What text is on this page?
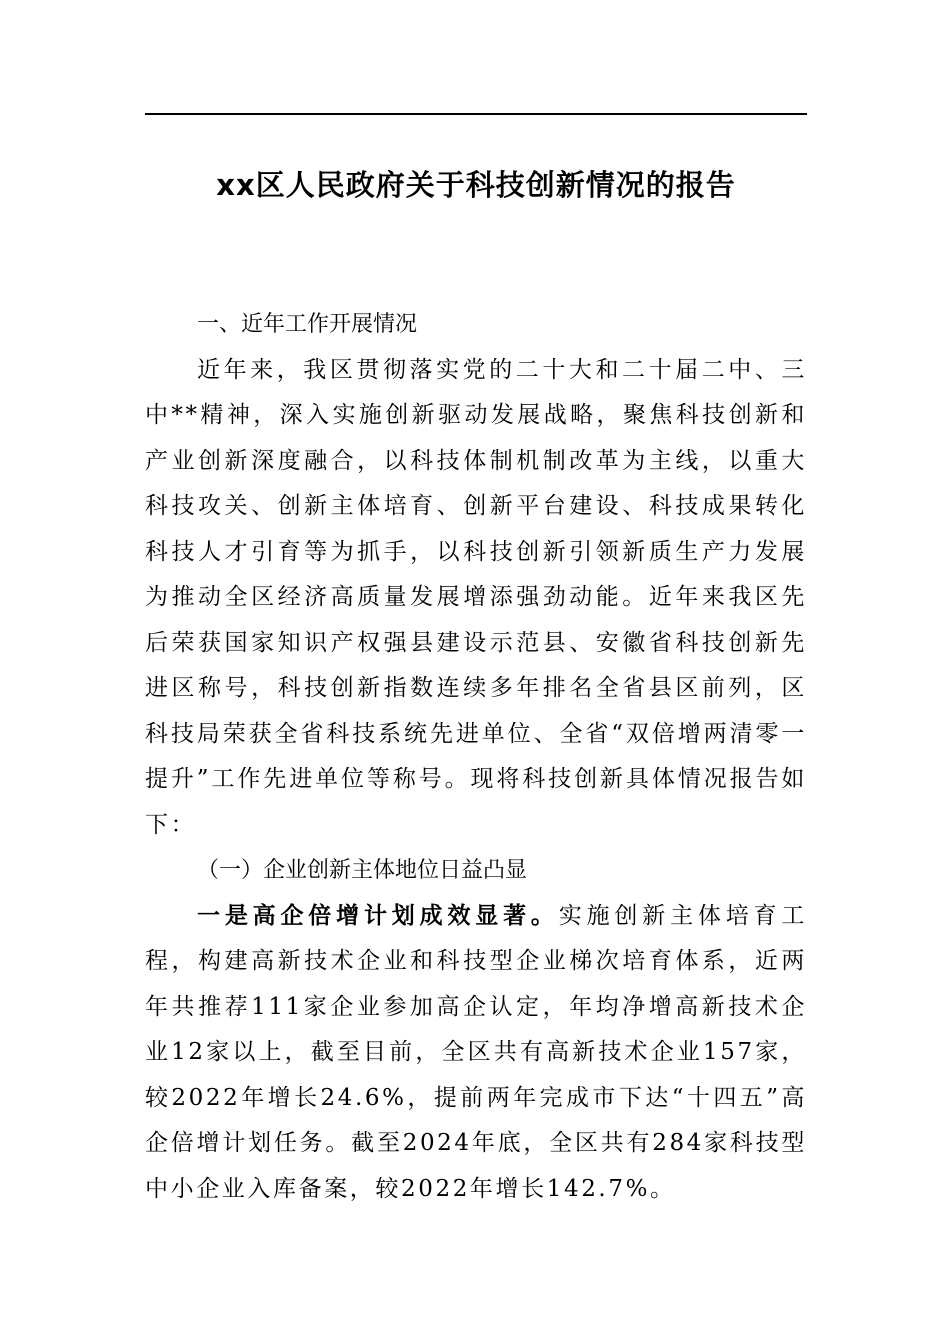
xx区人民政府关于科技创新情况的报告

一、近年工作开展情况

近年来，我区贯彻落实党的二十大和二十届二中、三中**精神，深入实施创新驱动发展战略，聚焦科技创新和产业创新深度融合，以科技体制机制改革为主线，以重大科技攻关、创新主体培育、创新平台建设、科技成果转化科技人才引育等为抓手，以科技创新引领新质生产力发展为推动全区经济高质量发展增添强劲动能。近年来我区先后荣获国家知识产权强县建设示范县、安徽省科技创新先进区称号，科技创新指数连续多年排名全省县区前列，区科技局荣获全省科技系统先进单位、全省“双倍增两清零一提升”工作先进单位等称号。现将科技创新具体情况报告如下：

（一）企业创新主体地位日益凸显

一是高企倍增计划成效显著。实施创新主体培育工程，构建高新技术企业和科技型企业梯次培育体系，近两年共推荐111家企业参加高企认定，年均净增高新技术企业12家以上，截至目前，全区共有高新技术企业157家，较2022年增长24.6%，提前两年完成市下达“十四五”高企倍增计划任务。截至2024年底，全区共有284家科技型中小企业入库备案，较2022年增长142.7%。
